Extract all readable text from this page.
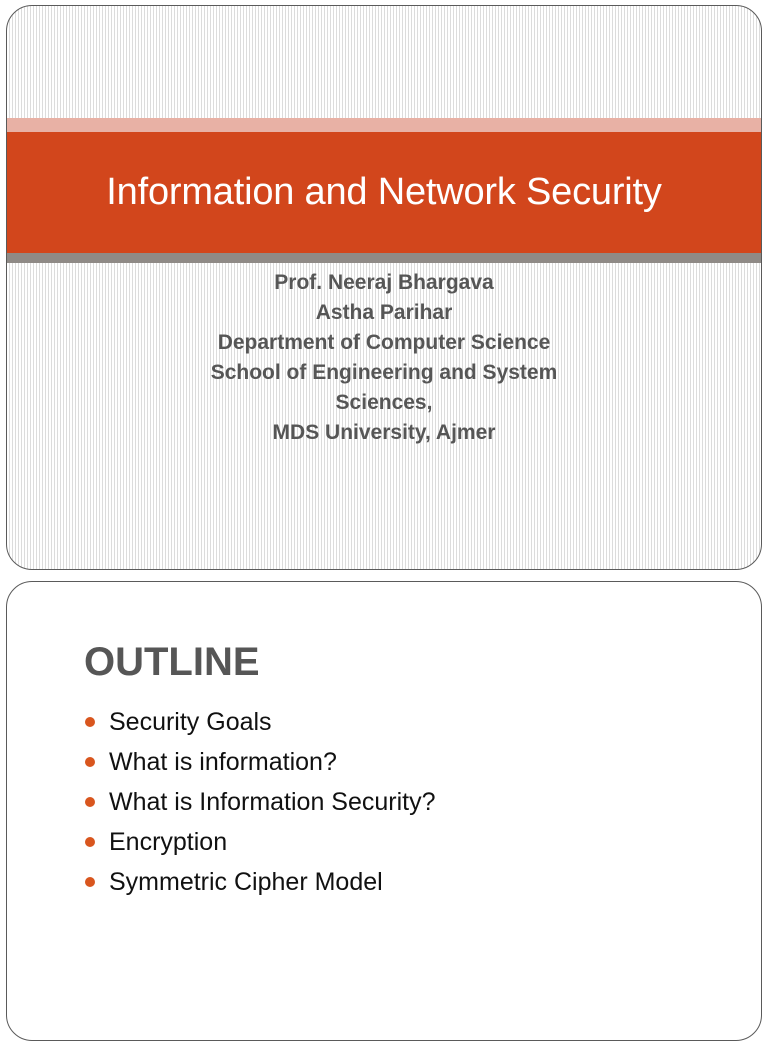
Information and Network Security
Prof. Neeraj Bhargava
Astha Parihar
Department of Computer Science
School of Engineering and System
Sciences,
MDS University, Ajmer
OUTLINE
Security Goals
What is information?
What is Information Security?
Encryption
Symmetric Cipher Model
